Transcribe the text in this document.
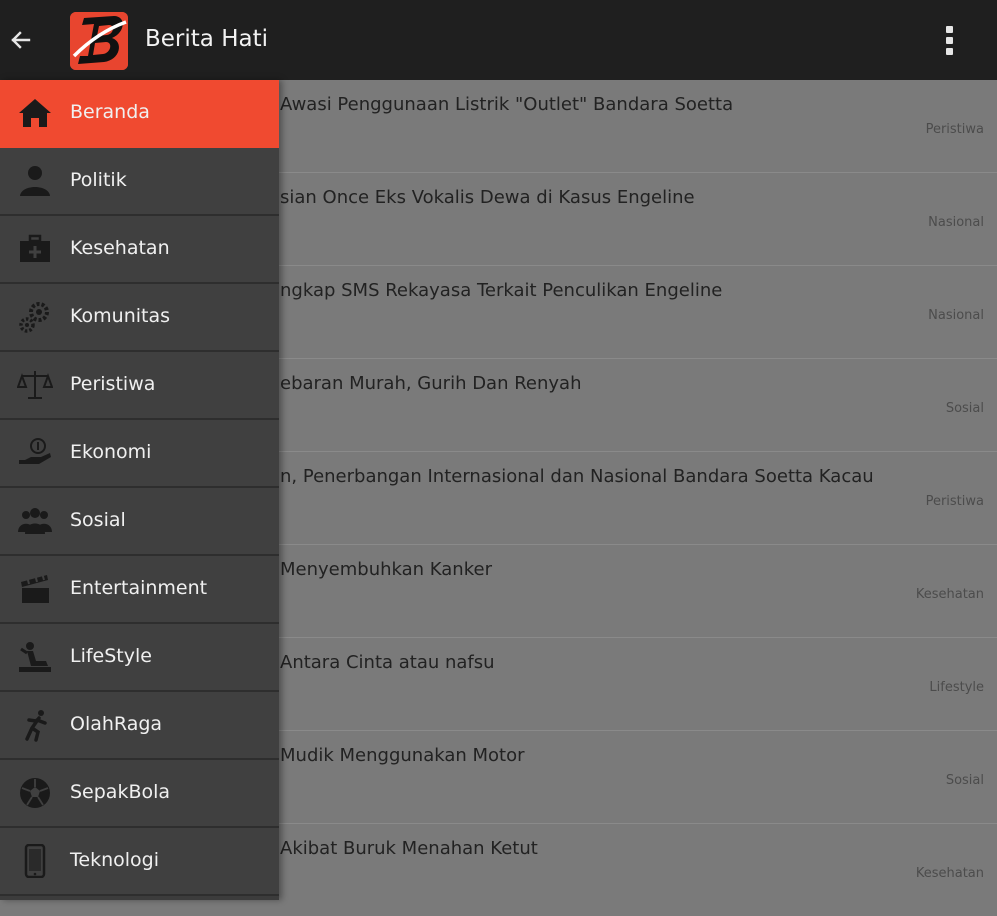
Berita Hati
Awasi Penggunaan Listrik "Outlet" Bandara Soetta
Peristiwa
sian Once Eks Vokalis Dewa di Kasus Engeline
Nasional
ngkap SMS Rekayasa Terkait Penculikan Engeline
Nasional
ebaran Murah, Gurih Dan Renyah
Sosial
n, Penerbangan Internasional dan Nasional Bandara Soetta Kacau
Peristiwa
Menyembuhkan Kanker
Kesehatan
Antara Cinta atau nafsu
Lifestyle
Mudik Menggunakan Motor
Sosial
Akibat Buruk Menahan Ketut
Kesehatan
Beranda
Politik
Kesehatan
Komunitas
Peristiwa
Ekonomi
Sosial
Entertainment
LifeStyle
OlahRaga
SepakBola
Teknologi
